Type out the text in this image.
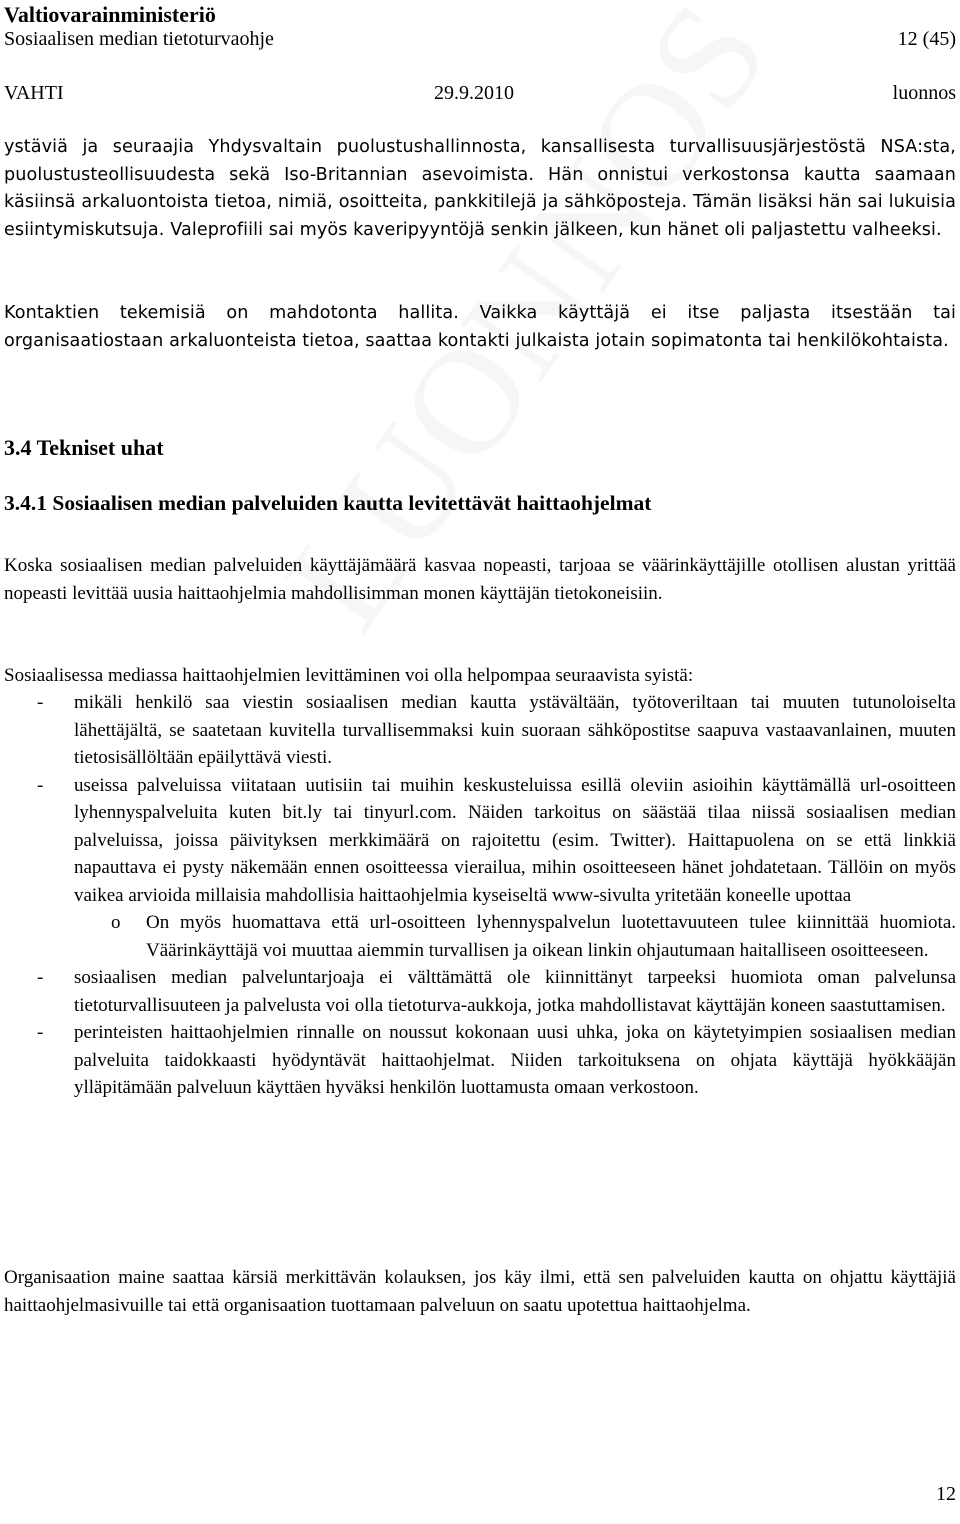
Valtiovarainministeriö
Sosiaalisen median tietoturvaohje	12 (45)
VAHTI	29.9.2010	luonnos

ystäviä ja seuraajia Yhdysvaltain puolustushallinnosta, kansallisesta turvallisuusjärjestöstä NSA:sta, puolustusteollisuudesta sekä Iso-Britannian asevoimista. Hän onnistui verkostonsa kautta saamaan käsiinsä arkaluontoista tietoa, nimiä, osoitteita, pankkitilejä ja sähköposteja. Tämän lisäksi hän sai lukuisia esiintymiskutsuja. Valeprofiili sai myös kaveripyyntöjä senkin jälkeen, kun hänet oli paljastettu valheeksi.

Kontaktien tekemisiä on mahdotonta hallita. Vaikka käyttäjä ei itse paljasta itsestään tai organisaatiostaan arkaluonteista tietoa, saattaa kontakti julkaista jotain sopimatonta tai henkilökohtaista.

3.4 Tekniset uhat
3.4.1 Sosiaalisen median palveluiden kautta levitettävät haittaohjelmat

Koska sosiaalisen median palveluiden käyttäjämäärä kasvaa nopeasti, tarjoaa se väärinkäyttäjille otollisen alustan yrittää nopeasti levittää uusia haittaohjelmia mahdollisimman monen käyttäjän tietokoneisiin.

Sosiaalisessa mediassa haittaohjelmien levittäminen voi olla helpompaa seuraavista syistä:

- mikäli henkilö saa viestin sosiaalisen median kautta ystävältään, työtoveriltaan tai muuten tutunoloiselta lähettäjältä, se saatetaan kuvitella turvallisemmaksi kuin suoraan sähköpostitse saapuva vastaavanlainen, muuten tietosisällöltään epäilyttävä viesti.
- useissa palveluissa viitataan uutisiin tai muihin keskusteluissa esillä oleviin asioihin käyttämällä url-osoitteen lyhennyspalveluita kuten bit.ly tai tinyurl.com. Näiden tarkoitus on säästää tilaa niissä sosiaalisen median palveluissa, joissa päivityksen merkkimäärä on rajoitettu (esim. Twitter). Haittapuolena on se että linkkiä napauttava ei pysty näkemään ennen osoitteessa vierailua, mihin osoitteeseen hänet johdatetaan. Tällöin on myös vaikea arvioida millaisia mahdollisia haittaohjelmia kyseiseltä www-sivulta yritetään koneelle upottaa
o On myös huomattava että url-osoitteen lyhennyspalvelun luotettavuuteen tulee kiinnittää huomiota. Väärinkäyttäjä voi muuttaa aiemmin turvallisen ja oikean linkin ohjautumaan haitalliseen osoitteeseen.
- sosiaalisen median palveluntarjoaja ei välttämättä ole kiinnittänyt tarpeeksi huomiota oman palvelunsa tietoturvallisuuteen ja palvelusta voi olla tietoturva-aukkoja, jotka mahdollistavat käyttäjän koneen saastuttamisen.
- perinteisten haittaohjelmien rinnalle on noussut kokonaan uusi uhka, joka on käytetyimpien sosiaalisen median palveluita taidokkaasti hyödyntävät haittaohjelmat. Niiden tarkoituksena on ohjata käyttäjä hyökkääjän ylläpitämään palveluun käyttäen hyväksi henkilön luottamusta omaan verkostoon.

Organisaation maine saattaa kärsiä merkittävän kolauksen, jos käy ilmi, että sen palveluiden kautta on ohjattu käyttäjiä haittaohjelmasivuille tai että organisaation tuottamaan palveluun on saatu upotettua haittaohjelma.

12
